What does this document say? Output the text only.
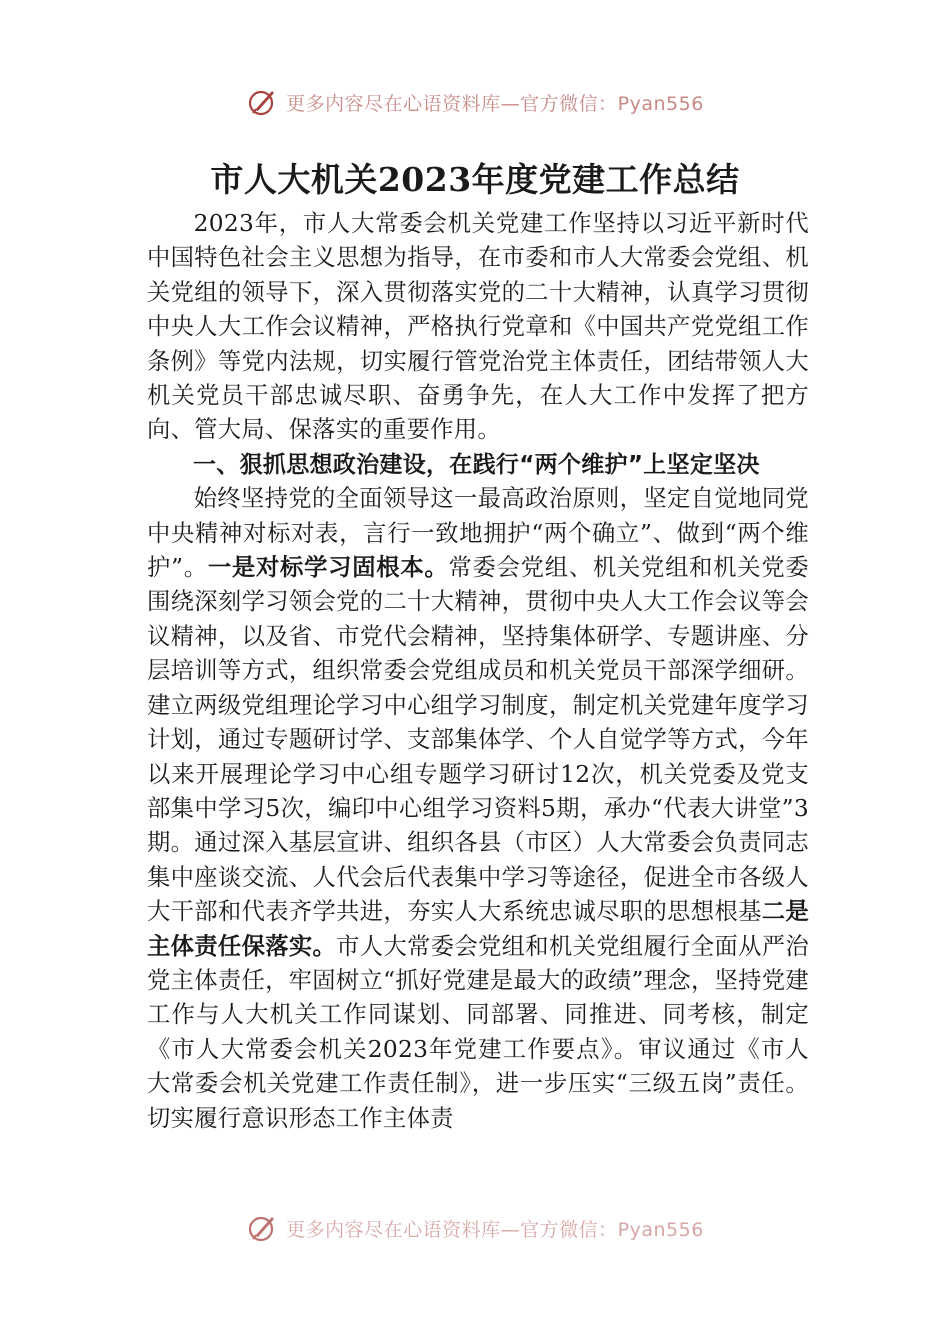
更多内容尽在心语资料库—官方微信：Pyan556
市人大机关2023年度党建工作总结

2023年，市人大常委会机关党建工作坚持以习近平新时代中国特色社会主义思想为指导，在市委和市人大常委会党组、机关党组的领导下，深入贯彻落实党的二十大精神，认真学习贯彻中央人大工作会议精神，严格执行党章和《中国共产党党组工作条例》等党内法规，切实履行管党治党主体责任，团结带领人大机关党员干部忠诚尽职、奋勇争先，在人大工作中发挥了把方向、管大局、保落实的重要作用。

一、狠抓思想政治建设，在践行“两个维护”上坚定坚决

始终坚持党的全面领导这一最高政治原则，坚定自觉地同党中央精神对标对表，言行一致地拥护“两个确立”、做到“两个维护”。一是对标学习固根本。常委会党组、机关党组和机关党委围绕深刻学习领会党的二十大精神，贯彻中央人大工作会议等会议精神，以及省、市党代会精神，坚持集体研学、专题讲座、分层培训等方式，组织常委会党组成员和机关党员干部深学细研。建立两级党组理论学习中心组学习制度，制定机关党建年度学习计划，通过专题研讨学、支部集体学、个人自觉学等方式，今年以来开展理论学习中心组专题学习研讨12次，机关党委及党支部集中学习5次，编印中心组学习资料5期，承办“代表大讲堂”3期。通过深入基层宣讲、组织各县（市区）人大常委会负责同志集中座谈交流、人代会后代表集中学习等途径，促进全市各级人大干部和代表齐学共进，夯实人大系统忠诚尽职的思想根基二是主体责任保落实。市人大常委会党组和机关党组履行全面从严治党主体责任，牢固树立“抓好党建是最大的政绩”理念，坚持党建工作与人大机关工作同谋划、同部署、同推进、同考核，制定《市人大常委会机关2023年党建工作要点》。审议通过《市人大常委会机关党建工作责任制》，进一步压实“三级五岗”责任。切实履行意识形态工作主体责

更多内容尽在心语资料库—官方微信：Pyan556
